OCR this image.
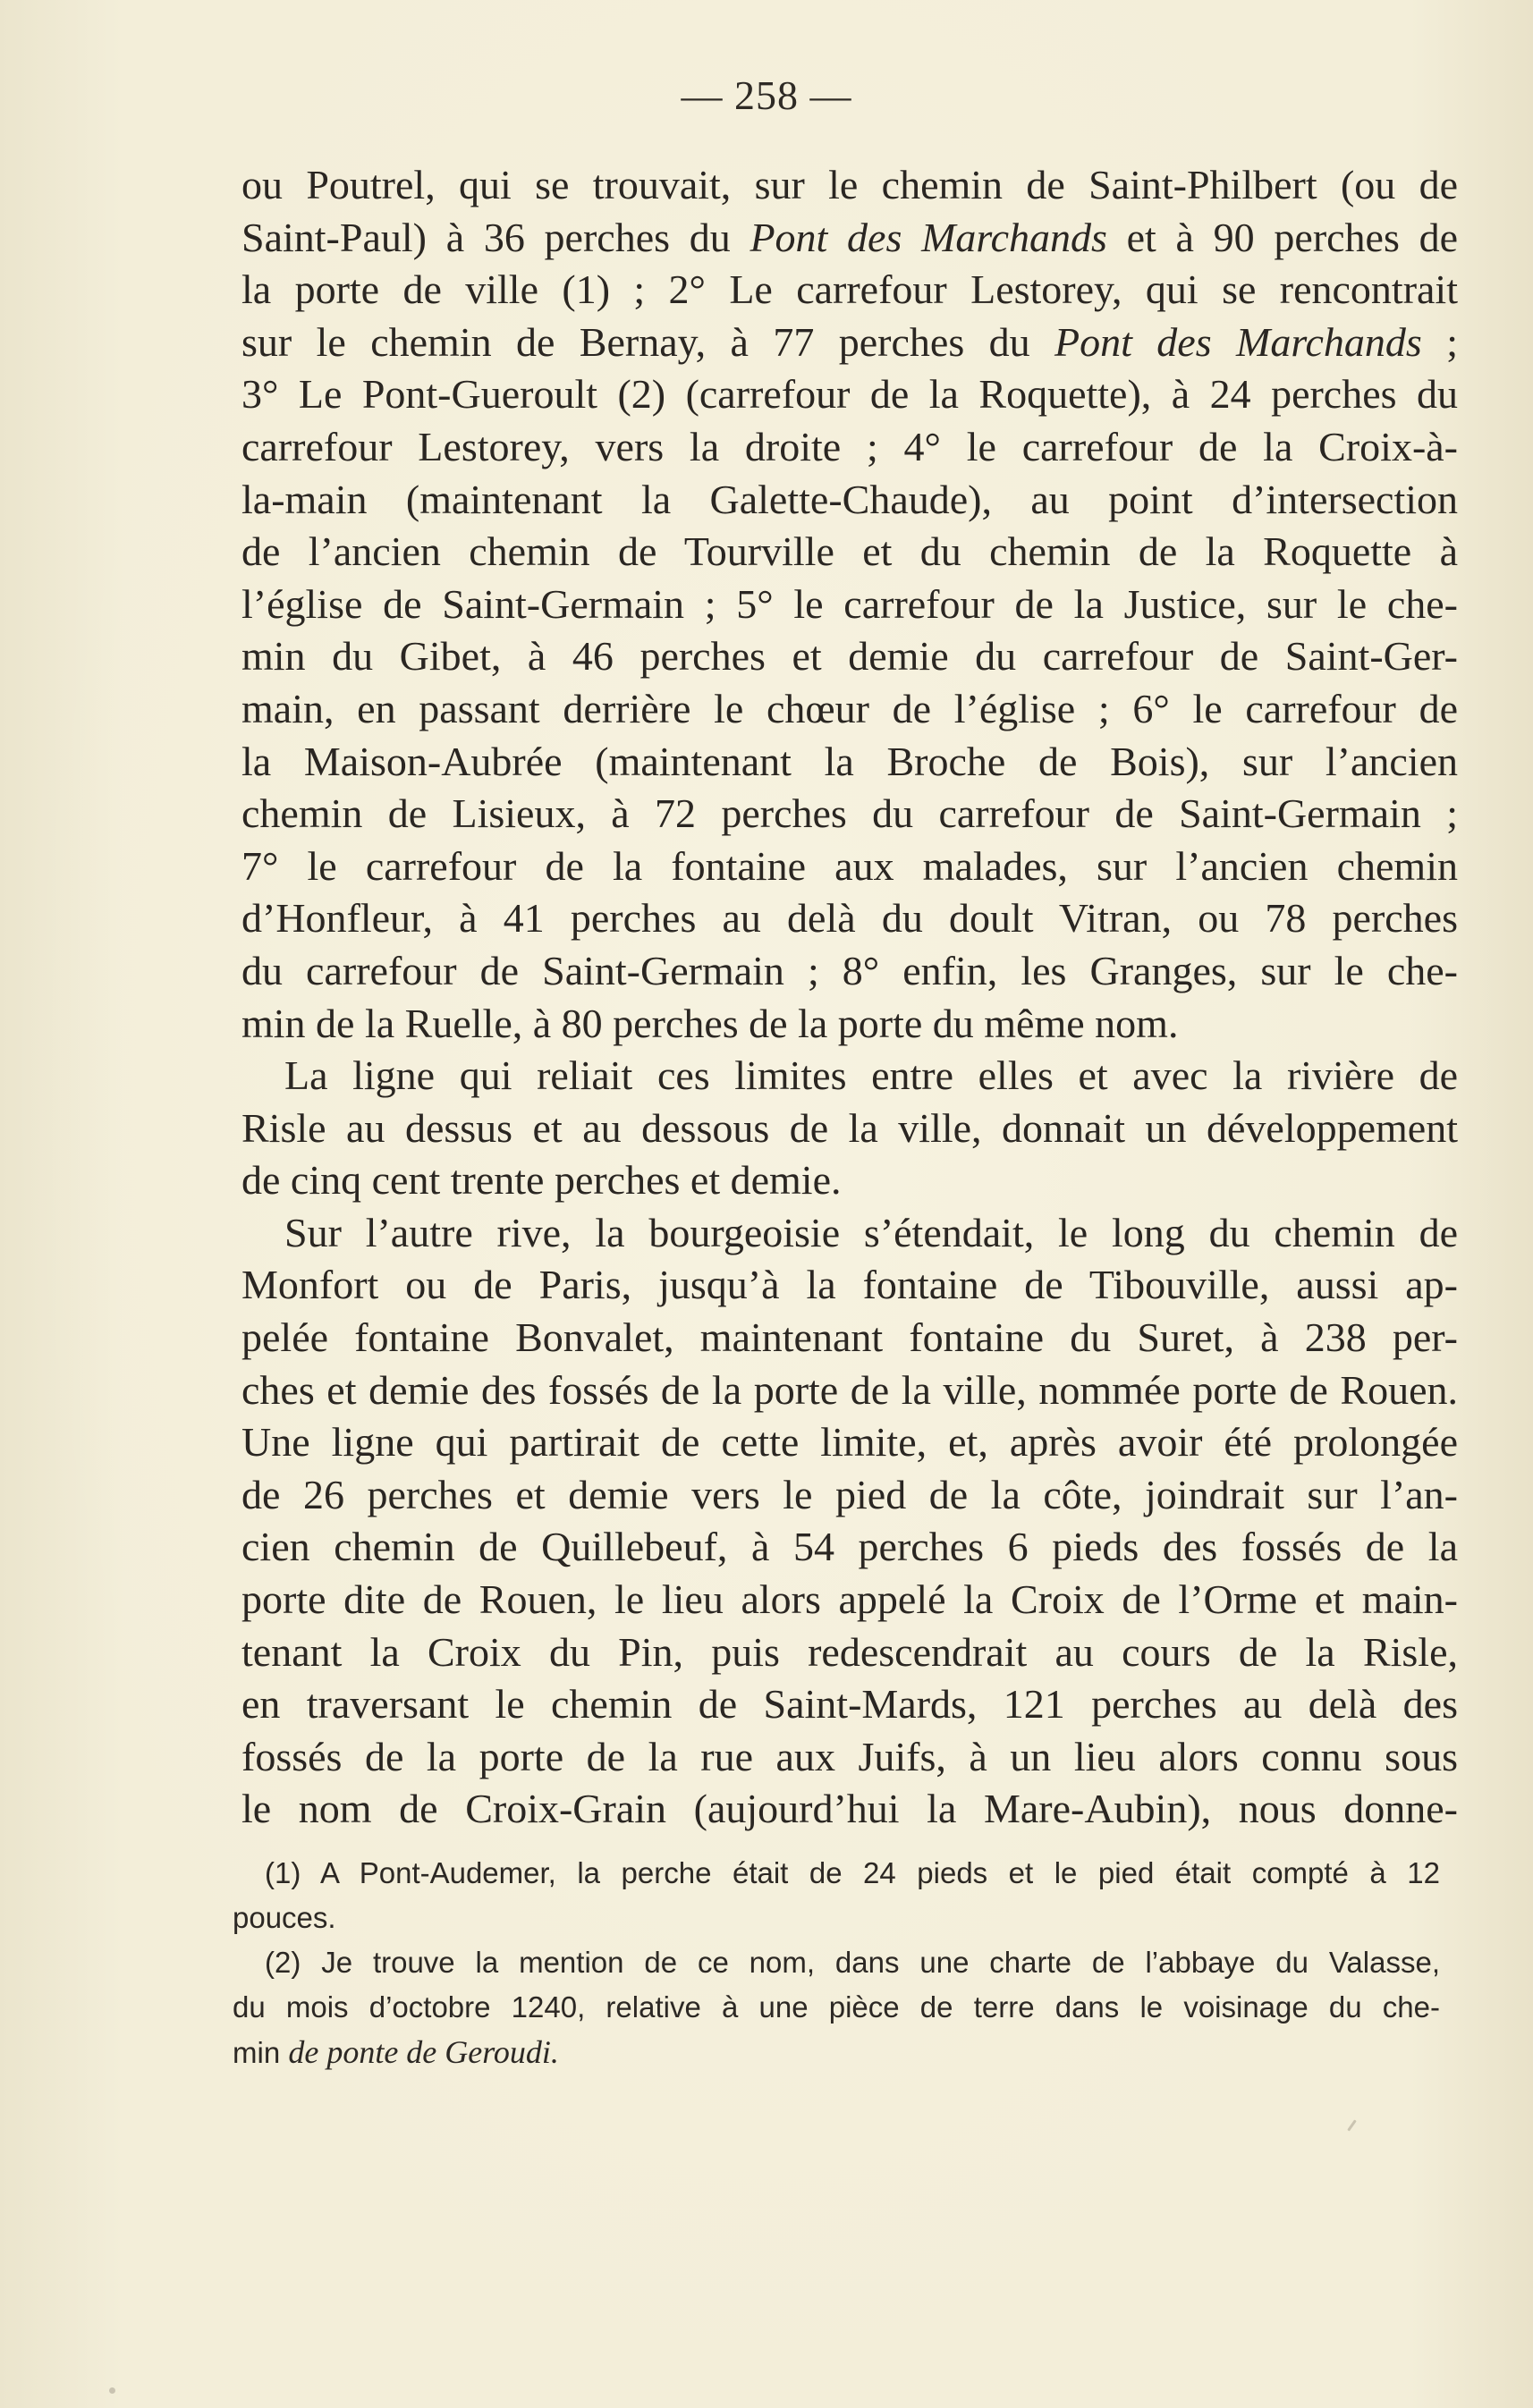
— 258 —
ou Poutrel, qui se trouvait, sur le chemin de Saint-Philbert (ou de
Saint-Paul) à 36 perches du Pont des Marchands et à 90 perches de
la porte de ville (1) ; 2° Le carrefour Lestorey, qui se rencontrait
sur le chemin de Bernay, à 77 perches du Pont des Marchands ;
3° Le Pont-Gueroult (2) (carrefour de la Roquette), à 24 perches du
carrefour Lestorey, vers la droite ; 4° le carrefour de la Croix-à-
la-main (maintenant la Galette-Chaude), au point d’intersection
de l’ancien chemin de Tourville et du chemin de la Roquette à
l’église de Saint-Germain ; 5° le carrefour de la Justice, sur le che-
min du Gibet, à 46 perches et demie du carrefour de Saint-Ger-
main, en passant derrière le chœur de l’église ; 6° le carrefour de
la Maison-Aubrée (maintenant la Broche de Bois), sur l’ancien
chemin de Lisieux, à 72 perches du carrefour de Saint-Germain ;
7° le carrefour de la fontaine aux malades, sur l’ancien chemin
d’Honfleur, à 41 perches au delà du doult Vitran, ou 78 perches
du carrefour de Saint-Germain ; 8° enfin, les Granges, sur le che-
min de la Ruelle, à 80 perches de la porte du même nom.
La ligne qui reliait ces limites entre elles et avec la rivière de
Risle au dessus et au dessous de la ville, donnait un développement
de cinq cent trente perches et demie.
Sur l’autre rive, la bourgeoisie s’étendait, le long du chemin de
Monfort ou de Paris, jusqu’à la fontaine de Tibouville, aussi ap-
pelée fontaine Bonvalet, maintenant fontaine du Suret, à 238 per-
ches et demie des fossés de la porte de la ville, nommée porte de Rouen.
Une ligne qui partirait de cette limite, et, après avoir été prolongée
de 26 perches et demie vers le pied de la côte, joindrait sur l’an-
cien chemin de Quillebeuf, à 54 perches 6 pieds des fossés de la
porte dite de Rouen, le lieu alors appelé la Croix de l’Orme et main-
tenant la Croix du Pin, puis redescendrait au cours de la Risle,
en traversant le chemin de Saint-Mards, 121 perches au delà des
fossés de la porte de la rue aux Juifs, à un lieu alors connu sous
le nom de Croix-Grain (aujourd’hui la Mare-Aubin), nous donne-
(1) A Pont-Audemer, la perche était de 24 pieds et le pied était compté à 12
pouces.
(2) Je trouve la mention de ce nom, dans une charte de l’abbaye du Valasse,
du mois d’octobre 1240, relative à une pièce de terre dans le voisinage du che-
min de ponte de Geroudi.
